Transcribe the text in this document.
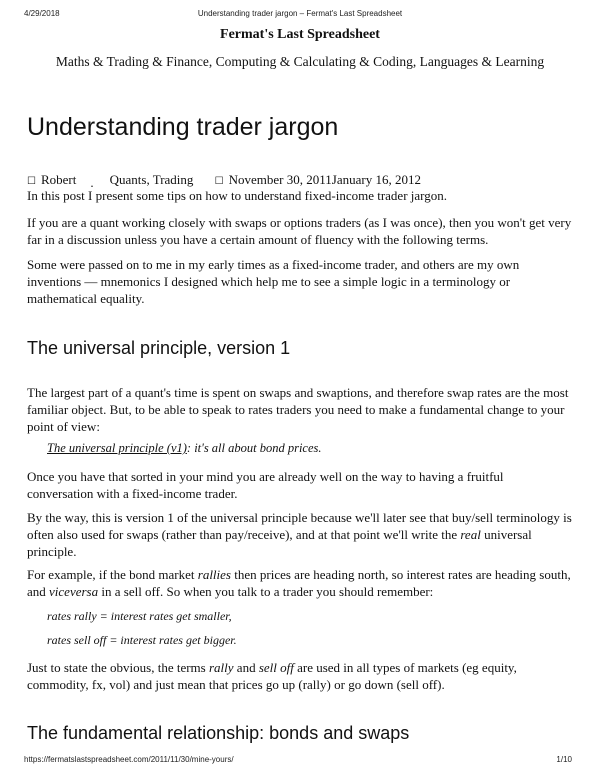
4/29/2018	Understanding trader jargon – Fermat's Last Spreadsheet
Fermat's Last Spreadsheet
Maths & Trading & Finance, Computing & Calculating & Coding, Languages & Learning
Understanding trader jargon
☐ Robert . Quants, Trading ☐ November 30, 2011January 16, 2012

In this post I present some tips on how to understand fixed-income trader jargon.

If you are a quant working closely with swaps or options traders (as I was once), then you won't get very far in a discussion unless you have a certain amount of fluency with the following terms.

Some were passed on to me in my early times as a fixed-income trader, and others are my own inventions — mnemonics I designed which help me to see a simple logic in a terminology or mathematical equality.

The universal principle, version 1

The largest part of a quant's time is spent on swaps and swaptions, and therefore swap rates are the most familiar object. But, to be able to speak to rates traders you need to make a fundamental change to your point of view:

The universal principle (v1): it's all about bond prices.

Once you have that sorted in your mind you are already well on the way to having a fruitful conversation with a fixed-income trader.

By the way, this is version 1 of the universal principle because we'll later see that buy/sell terminology is often also used for swaps (rather than pay/receive), and at that point we'll write the real universal principle.

For example, if the bond market rallies then prices are heading north, so interest rates are heading south, and viceversa in a sell off. So when you talk to a trader you should remember:

rates rally = interest rates get smaller,

rates sell off = interest rates get bigger.

Just to state the obvious, the terms rally and sell off are used in all types of markets (eg equity, commodity, fx, vol) and just mean that prices go up (rally) or go down (sell off).

The fundamental relationship: bonds and swaps
https://fermatslastspreadsheet.com/2011/11/30/mine-yours/	1/10
